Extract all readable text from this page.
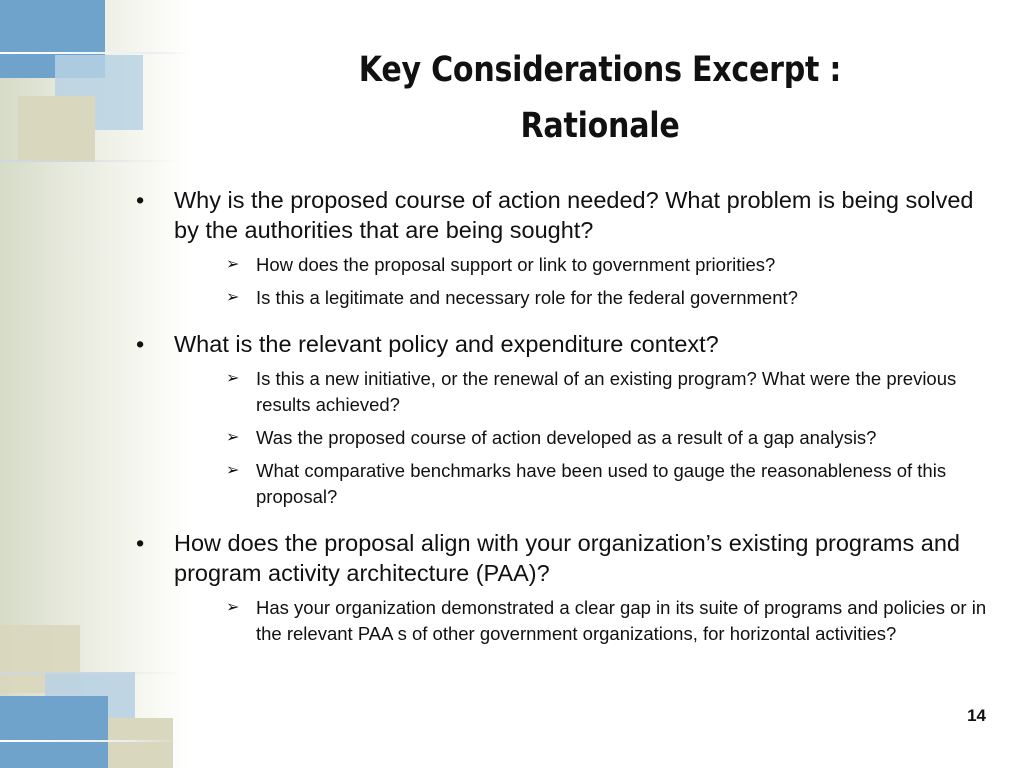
Key Considerations Excerpt :
Rationale
• Why is the proposed course of action needed? What problem is being solved by the authorities that are being sought?
➢ How does the proposal support or link to government priorities?
➢ Is this a legitimate and necessary role for the federal government?
• What is the relevant policy and expenditure context?
➢ Is this a new initiative, or the renewal of an existing program? What were the previous results achieved?
➢ Was the proposed course of action developed as a result of a gap analysis?
➢ What comparative benchmarks have been used to gauge the reasonableness of this proposal?
• How does the proposal align with your organization’s existing programs and program activity architecture (PAA)?
➢ Has your organization demonstrated a clear gap in its suite of programs and policies or in the relevant PAA s of other government organizations, for horizontal activities?
14
